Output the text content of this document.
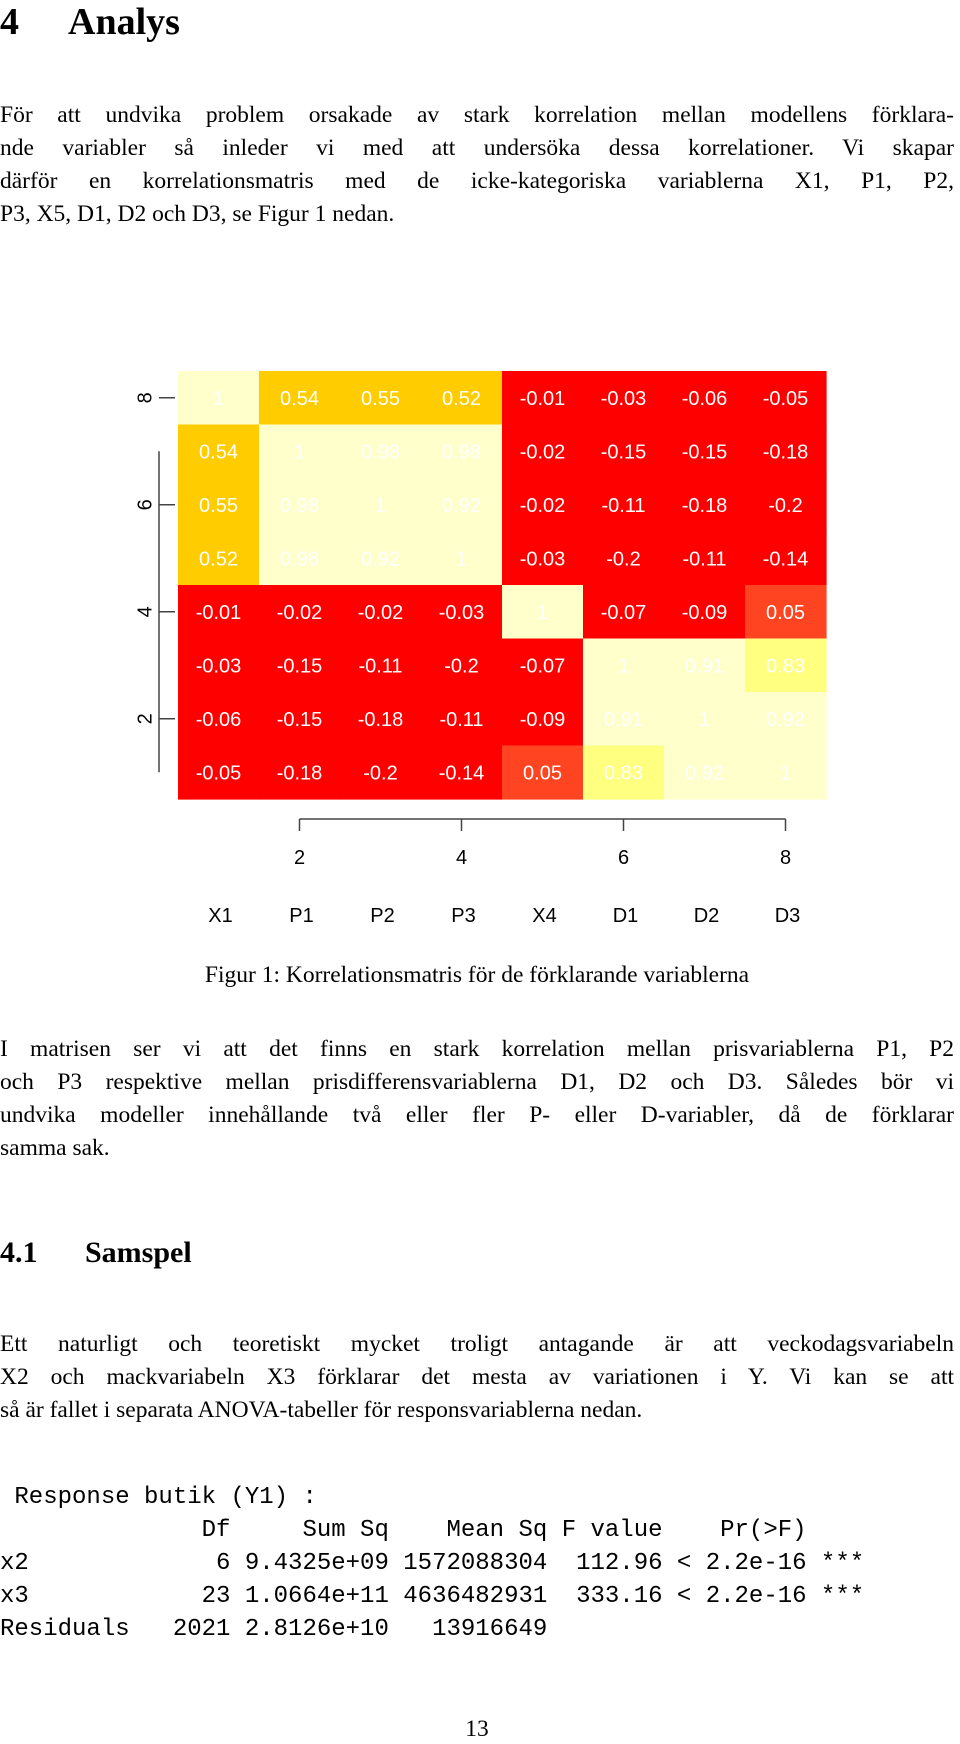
4 Analys

För att undvika problem orsakade av stark korrelation mellan modellens förklara-
nde variabler så inleder vi med att undersöka dessa korrelationer. Vi skapar
därför en korrelationsmatris med de icke-kategoriska variablerna X1, P1, P2,
P3, X5, D1, D2 och D3, se Figur 1 nedan.

1	0.54 0.55 0.52 -0.01 -0.03 -0.06 -0.05
0.54	1	0.98 0.98 -0.02 -0.15 -0.15 -0.18
0.55 0.98	1	0.92 -0.02 -0.11 -0.18 -0.2
0.52 0.98 0.92	1	-0.03 -0.2 -0.11 -0.14
-0.01 -0.02 -0.02 -0.03	1	-0.07 -0.09 0.05
-0.03 -0.15 -0.11 -0.2 -0.07	1	0.91 0.83
-0.06 -0.15 -0.18 -0.11 -0.09 0.91	1	0.92
-0.05 -0.18 -0.2 -0.14 0.05 0.83 0.92	1
2
4
6
8
2	4	6	8
X1	P1	P2	P3	X4	D1	D2	D3
Figur 1: Korrelationsmatris för de förklarande variablerna

I matrisen ser vi att det finns en stark korrelation mellan prisvariablerna P1, P2
och P3 respektive mellan prisdifferensvariablerna D1, D2 och D3. Således bör vi
undvika modeller innehållande två eller fler P- eller D-variabler, då de förklarar
samma sak.

4.1 Samspel

Ett naturligt och teoretiskt mycket troligt antagande är att veckodagsvariabeln
X2 och mackvariabeln X3 förklarar det mesta av variationen i Y. Vi kan se att
så är fallet i separata ANOVA-tabeller för responsvariablerna nedan.

Response butik (Y1) :
Df     Sum Sq    Mean Sq F value    Pr(>F)
x2             6 9.4325e+09 1572088304  112.96 < 2.2e-16 ***
x3            23 1.0664e+11 4636482931  333.16 < 2.2e-16 ***
Residuals   2021 2.8126e+10   13916649
13
